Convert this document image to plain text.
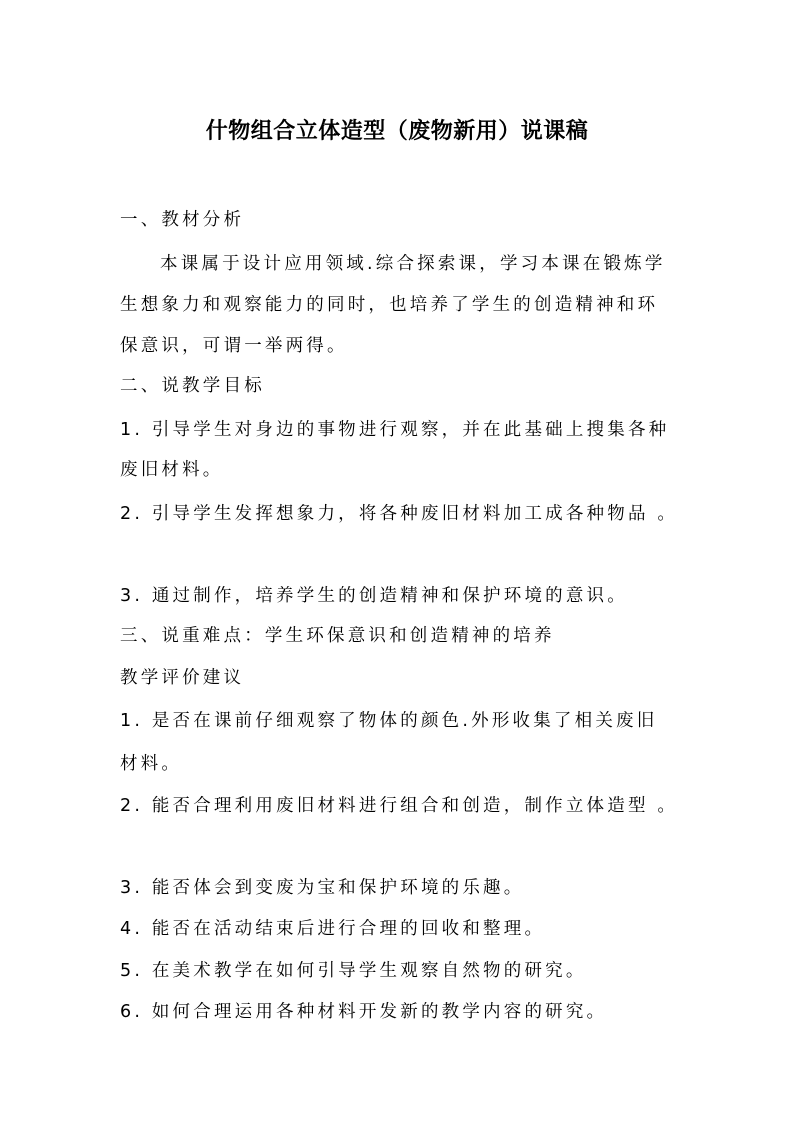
什物组合立体造型（废物新用）说课稿
一、教材分析
本课属于设计应用领域.综合探索课，学习本课在锻炼学
生想象力和观察能力的同时，也培养了学生的创造精神和环
保意识，可谓一举两得。
二、说教学目标
1. 引导学生对身边的事物进行观察，并在此基础上搜集各种
废旧材料。
2. 引导学生发挥想象力，将各种废旧材料加工成各种物品 。
3. 通过制作，培养学生的创造精神和保护环境的意识。
三、说重难点：学生环保意识和创造精神的培养
教学评价建议
1. 是否在课前仔细观察了物体的颜色.外形收集了相关废旧
材料。
2. 能否合理利用废旧材料进行组合和创造，制作立体造型 。
3. 能否体会到变废为宝和保护环境的乐趣。
4. 能否在活动结束后进行合理的回收和整理。
5. 在美术教学在如何引导学生观察自然物的研究。
6. 如何合理运用各种材料开发新的教学内容的研究。
